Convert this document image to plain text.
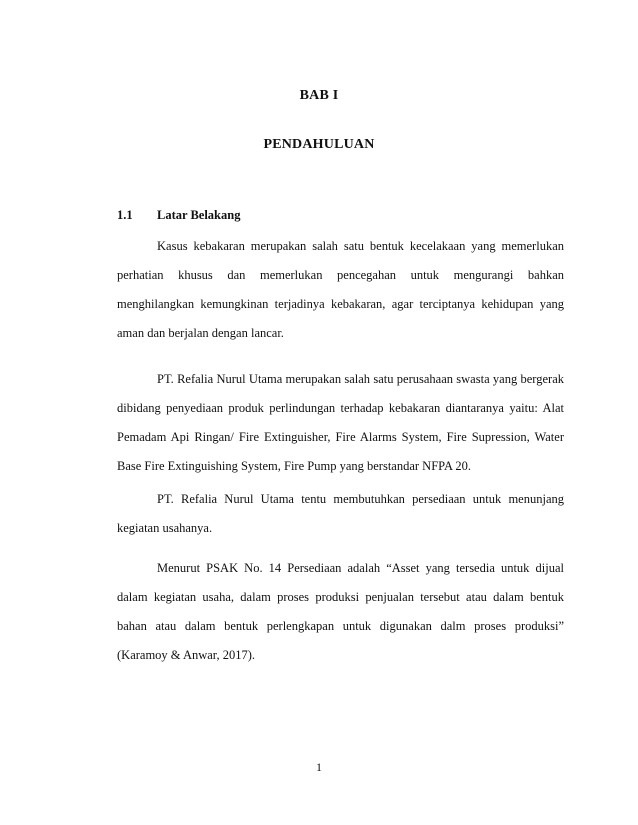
BAB I
PENDAHULUAN
1.1 Latar Belakang

Kasus kebakaran merupakan salah satu bentuk kecelakaan yang memerlukan perhatian khusus dan memerlukan pencegahan untuk mengurangi bahkan menghilangkan kemungkinan terjadinya kebakaran, agar terciptanya kehidupan yang aman dan berjalan dengan lancar.

PT. Refalia Nurul Utama merupakan salah satu perusahaan swasta yang bergerak dibidang penyediaan produk perlindungan terhadap kebakaran diantaranya yaitu: Alat Pemadam Api Ringan/ Fire Extinguisher, Fire Alarms System, Fire Supression, Water Base Fire Extinguishing System, Fire Pump yang berstandar NFPA 20.

PT. Refalia Nurul Utama tentu membutuhkan persediaan untuk menunjang kegiatan usahanya.

Menurut PSAK No. 14 Persediaan adalah “Asset yang tersedia untuk dijual dalam kegiatan usaha, dalam proses produksi penjualan tersebut atau dalam bentuk bahan atau dalam bentuk perlengkapan untuk digunakan dalm proses produksi” (Karamoy & Anwar, 2017).

1
